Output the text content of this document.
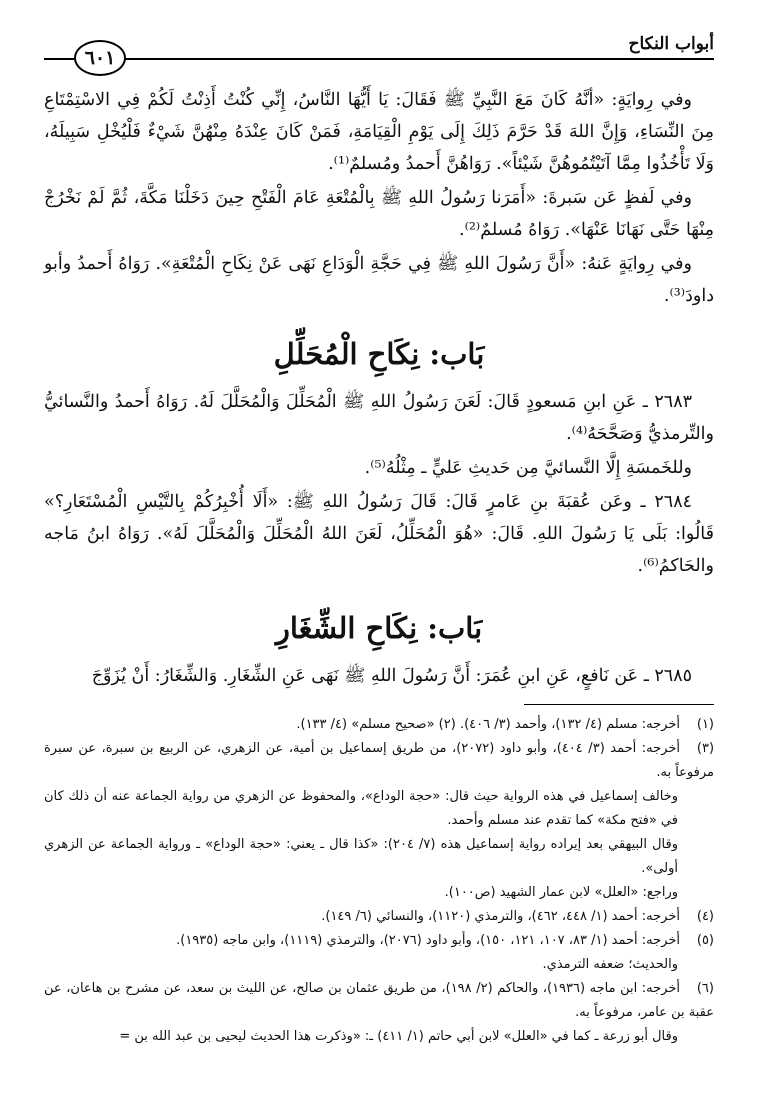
أبواب النكاح
٦٠١

وفي رِوايَةٍ: «أنَّهُ كَانَ مَعَ النَّبِيِّ ﷺ فَقَالَ: يَا أَيُّهَا النَّاسُ، إِنِّي كُنْتُ أَذِنْتُ لَكُمْ فِي الاسْتِمْتَاعِ مِنَ النِّسَاءِ، وَإِنَّ اللهَ قَدْ حَرَّمَ ذَلِكَ إِلَى يَوْمِ الْقِيَامَةِ، فَمَنْ كَانَ عِنْدَهُ مِنْهُنَّ شَيْءٌ فَلْيُخْلِ سَبِيلَهُ، وَلَا تَأْخُذُوا مِمَّا آتَيْتُمُوهُنَّ شَيْئاً». رَوَاهُنَّ أَحمدُ ومُسلمٌ⁽¹⁾.

وفي لَفظٍ عَن سَبرةَ: «أَمَرَنا رَسُولُ اللهِ ﷺ بِالْمُتْعَةِ عَامَ الْفَتْحِ حِينَ دَخَلْنَا مَكَّةَ، ثُمَّ لَمْ نَخْرُجْ مِنْهَا حَتَّى نَهَانَا عَنْهَا». رَوَاهُ مُسلمٌ⁽²⁾.

وفي رِوايَةٍ عَنهُ: «أَنَّ رَسُولَ اللهِ ﷺ فِي حَجَّةِ الْوَدَاعِ نَهَى عَنْ نِكَاحِ الْمُتْعَةِ». رَوَاهُ أَحمدُ وأبو داودَ⁽³⁾.

بَاب: نِكَاحِ الْمُحَلِّلِ

٢٦٨٣ ـ عَنِ ابنِ مَسعودٍ قَالَ: لَعَنَ رَسُولُ اللهِ ﷺ الْمُحَلِّلَ وَالْمُحَلَّلَ لَهُ. رَوَاهُ أَحمدُ والنَّسائيُّ والتِّرمذيُّ وَصَحَّحَهُ⁽⁴⁾.

وللخَمسَةِ إِلَّا النَّسائيَّ مِن حَديثِ عَليٍّ ـ مِثْلُهُ⁽⁵⁾.

٢٦٨٤ ـ وعَن عُقبَةَ بنِ عَامرٍ قَالَ: قَالَ رَسُولُ اللهِ ﷺ: «أَلَا أُخْبِرُكُمْ بِالتَّيْسِ الْمُسْتَعَارِ؟» قَالُوا: بَلَى يَا رَسُولَ اللهِ. قَالَ: «هُوَ الْمُحَلِّلُ، لَعَنَ اللهُ الْمُحَلِّلَ وَالْمُحَلَّلَ لَهُ». رَوَاهُ ابنُ مَاجه والحَاكمُ⁽⁶⁾.

بَاب: نِكَاحِ الشِّغَارِ

٢٦٨٥ ـ عَن نَافعٍ، عَنِ ابنِ عُمَرَ: أَنَّ رَسُولَ اللهِ ﷺ نَهَى عَنِ الشِّغَارِ. وَالشِّغَارُ: أَنْ يُزَوِّجَ

(١)أخرجه: مسلم (٤/ ١٣٢)، وأحمد (٣/ ٤٠٦). (٢) «صحيح مسلم» (٤/ ١٣٣).

(٣)أخرجه: أحمد (٣/ ٤٠٤)، وأبو داود (٢٠٧٢)، من طريق إسماعيل بن أمية، عن الزهري، عن الربيع بن سبرة، عن سبرة مرفوعاً به.

وخالف إسماعيل في هذه الرواية حيث قال: «حجة الوداع»، والمحفوظ عن الزهري من رواية الجماعة عنه أن ذلك كان في «فتح مكة» كما تقدم عند مسلم وأحمد.

وقال البيهقي بعد إيراده رواية إسماعيل هذه (٧/ ٢٠٤): «كذا قال ـ يعني: «حجة الوداع» ـ ورواية الجماعة عن الزهري أولى».

وراجع: «العلل» لابن عمار الشهيد (ص١٠٠).

(٤)أخرجه: أحمد (١/ ٤٤٨، ٤٦٢)، والترمذي (١١٢٠)، والنسائي (٦/ ١٤٩).

(٥)أخرجه: أحمد (١/ ٨٣، ١٠٧، ١٢١، ١٥٠)، وأبو داود (٢٠٧٦)، والترمذي (١١١٩)، وابن ماجه (١٩٣٥).

والحديث؛ ضعفه الترمذي.

(٦)أخرجه: ابن ماجه (١٩٣٦)، والحاكم (٢/ ١٩٨)، من طريق عثمان بن صالح، عن الليث بن سعد، عن مشرح بن هاعان، عن عقبة بن عامر، مرفوعاً به.

وقال أبو زرعة ـ كما في «العلل» لابن أبي حاتم (١/ ٤١١) ـ: «وذكرت هذا الحديث ليحيى بن عبد الله بن =
